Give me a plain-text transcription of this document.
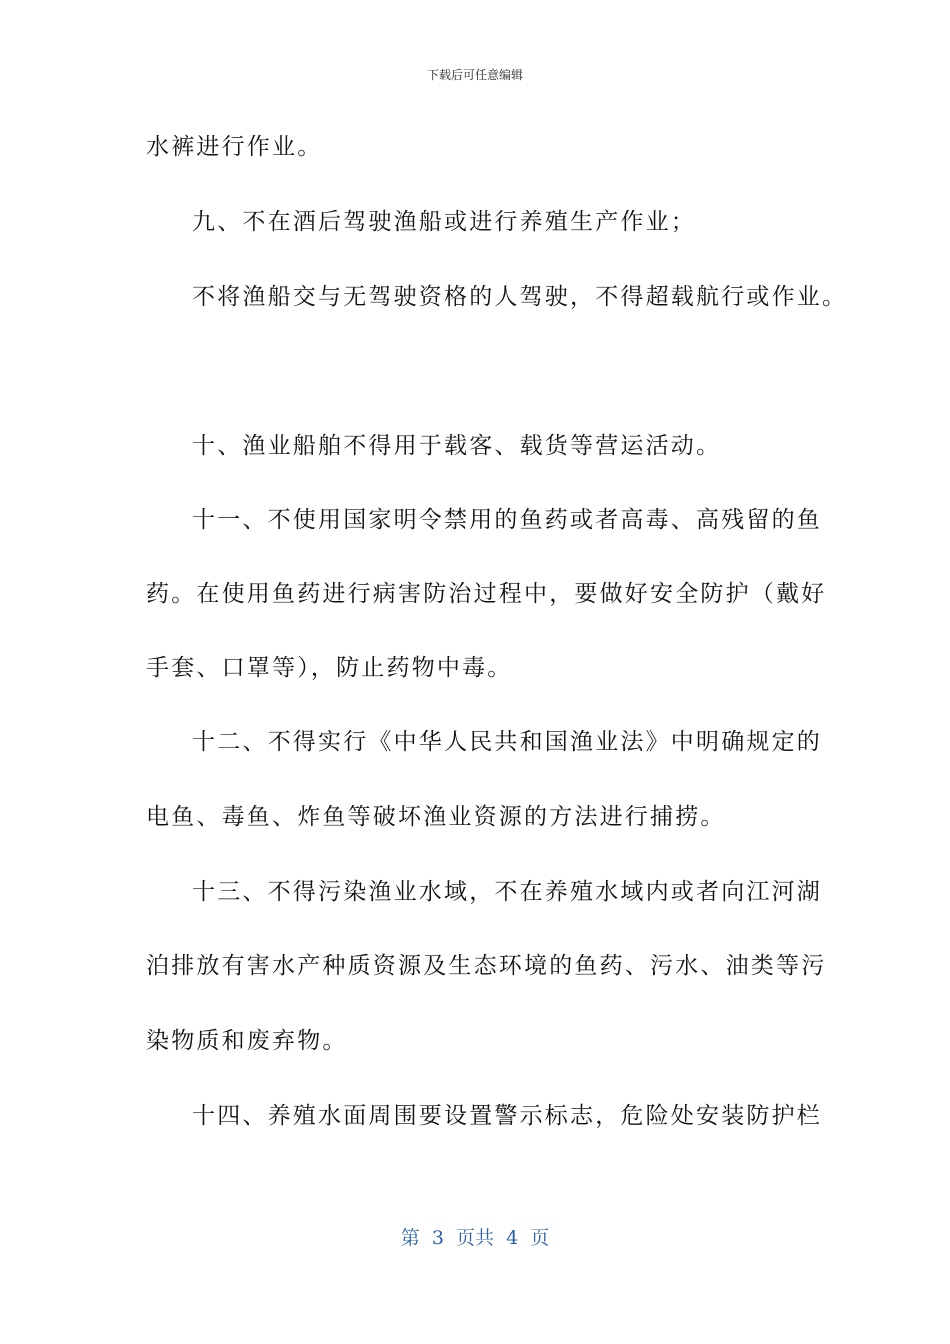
下载后可任意编辑
水裤进行作业。
九、不在酒后驾驶渔船或进行养殖生产作业；
不将渔船交与无驾驶资格的人驾驶，不得超载航行或作业。
十、渔业船舶不得用于载客、载货等营运活动。
十一、不使用国家明令禁用的鱼药或者高毒、高残留的鱼
药。在使用鱼药进行病害防治过程中，要做好安全防护（戴好
手套、口罩等），防止药物中毒。
十二、不得实行《中华人民共和国渔业法》中明确规定的
电鱼、毒鱼、炸鱼等破坏渔业资源的方法进行捕捞。
十三、不得污染渔业水域，不在养殖水域内或者向江河湖
泊排放有害水产种质资源及生态环境的鱼药、污水、油类等污
染物质和废弃物。
十四、养殖水面周围要设置警示标志，危险处安装防护栏
第  3  页共  4  页
